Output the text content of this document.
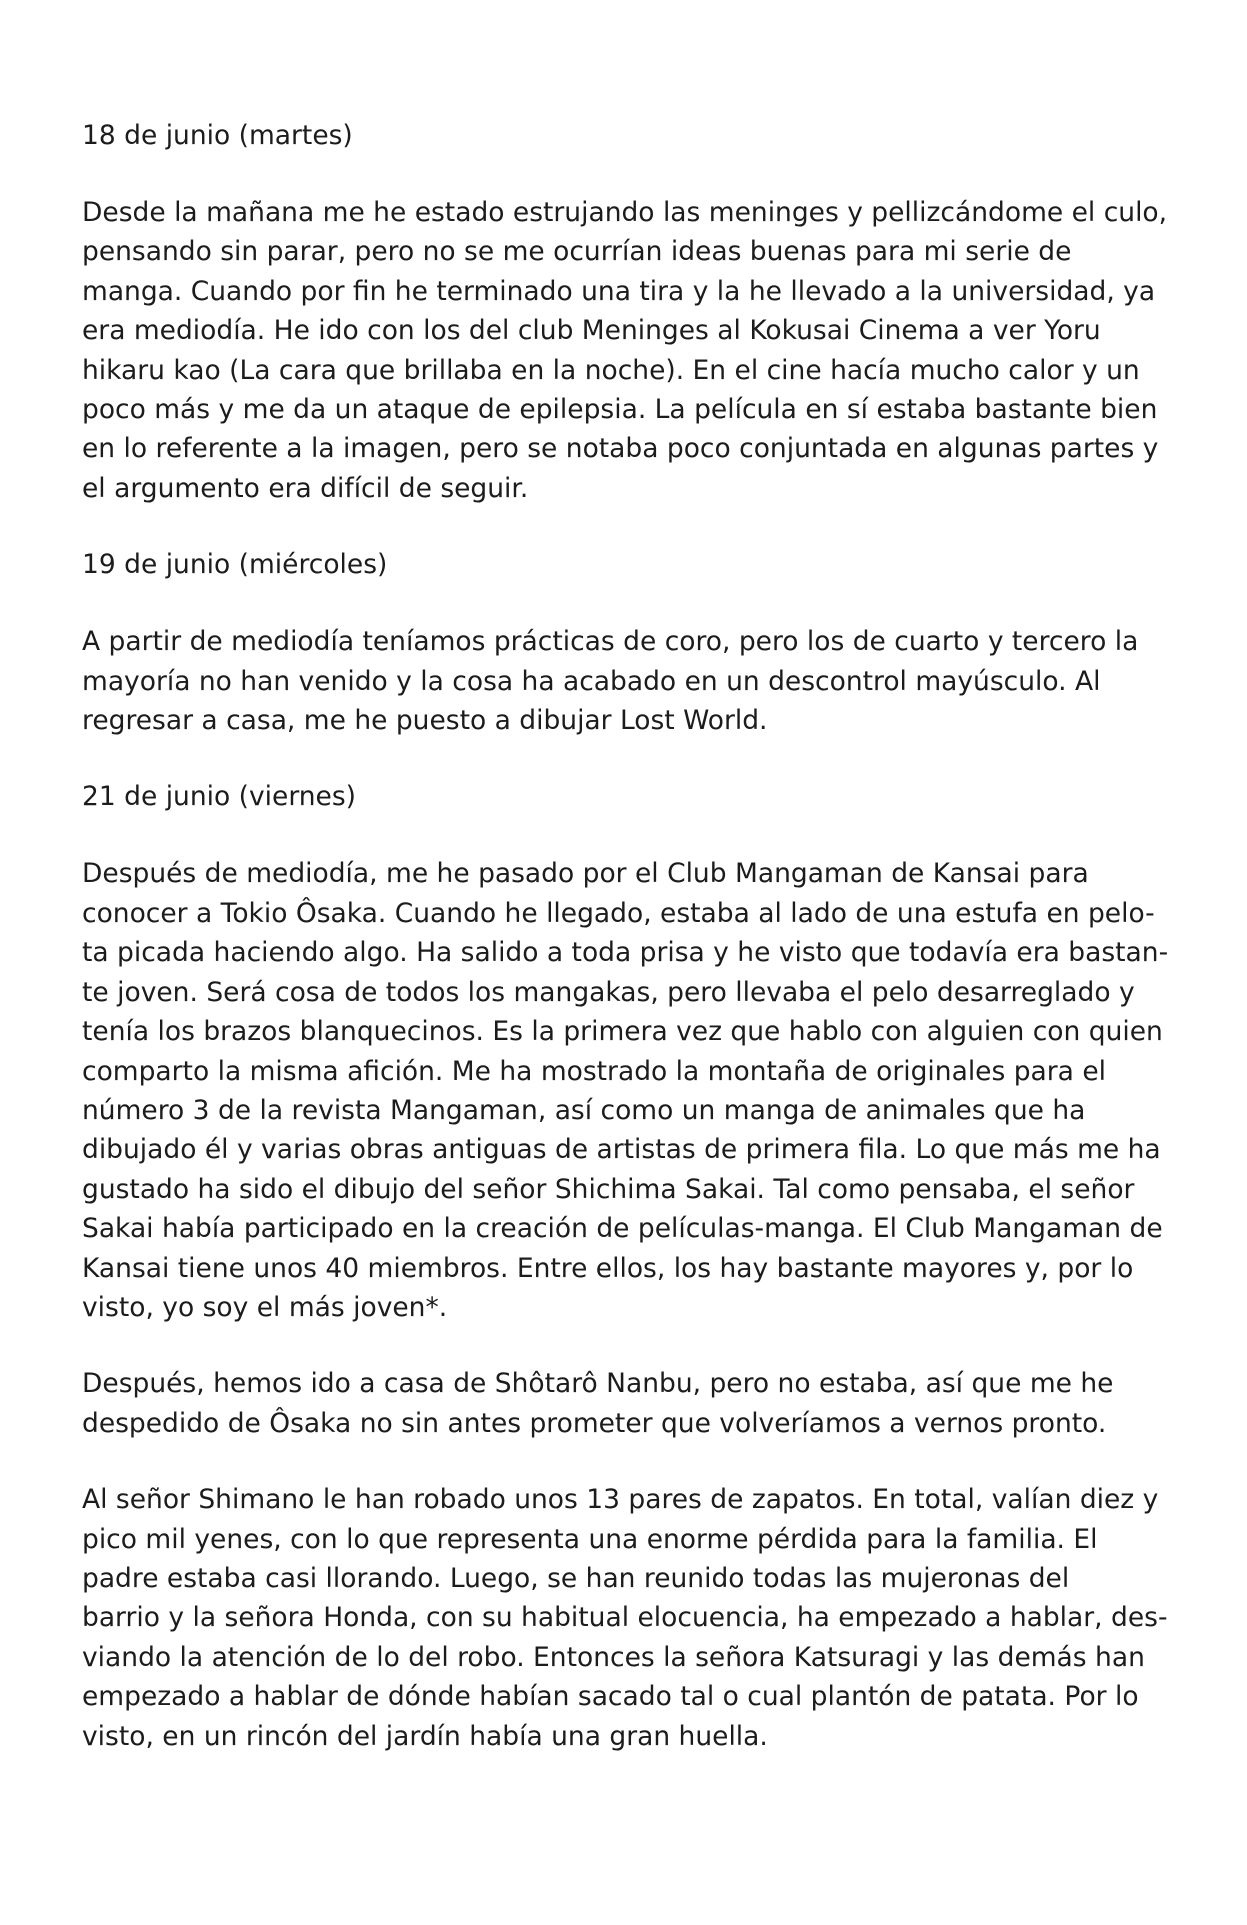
18 de junio (martes)
Desde la mañana me he estado estrujando las meninges y pellizcándome el culo,
pensando sin parar, pero no se me ocurrían ideas buenas para mi serie de
manga. Cuando por fin he terminado una tira y la he llevado a la universidad, ya
era mediodía. He ido con los del club Meninges al Kokusai Cinema a ver Yoru
hikaru kao (La cara que brillaba en la noche). En el cine hacía mucho calor y un
poco más y me da un ataque de epilepsia. La película en sí estaba bastante bien
en lo referente a la imagen, pero se notaba poco conjuntada en algunas partes y
el argumento era difícil de seguir.
19 de junio (miércoles)
A partir de mediodía teníamos prácticas de coro, pero los de cuarto y tercero la
mayoría no han venido y la cosa ha acabado en un descontrol mayúsculo. Al
regresar a casa, me he puesto a dibujar Lost World.
21 de junio (viernes)
Después de mediodía, me he pasado por el Club Mangaman de Kansai para
conocer a Tokio Ôsaka. Cuando he llegado, estaba al lado de una estufa en pelo-
ta picada haciendo algo. Ha salido a toda prisa y he visto que todavía era bastan-
te joven. Será cosa de todos los mangakas, pero llevaba el pelo desarreglado y
tenía los brazos blanquecinos. Es la primera vez que hablo con alguien con quien
comparto la misma afición. Me ha mostrado la montaña de originales para el
número 3 de la revista Mangaman, así como un manga de animales que ha
dibujado él y varias obras antiguas de artistas de primera fila. Lo que más me ha
gustado ha sido el dibujo del señor Shichima Sakai. Tal como pensaba, el señor
Sakai había participado en la creación de películas-manga. El Club Mangaman de
Kansai tiene unos 40 miembros. Entre ellos, los hay bastante mayores y, por lo
visto, yo soy el más joven*.
Después, hemos ido a casa de Shôtarô Nanbu, pero no estaba, así que me he
despedido de Ôsaka no sin antes prometer que volveríamos a vernos pronto.
Al señor Shimano le han robado unos 13 pares de zapatos. En total, valían diez y
pico mil yenes, con lo que representa una enorme pérdida para la familia. El
padre estaba casi llorando. Luego, se han reunido todas las mujeronas del
barrio y la señora Honda, con su habitual elocuencia, ha empezado a hablar, des-
viando la atención de lo del robo. Entonces la señora Katsuragi y las demás han
empezado a hablar de dónde habían sacado tal o cual plantón de patata. Por lo
visto, en un rincón del jardín había una gran huella.
